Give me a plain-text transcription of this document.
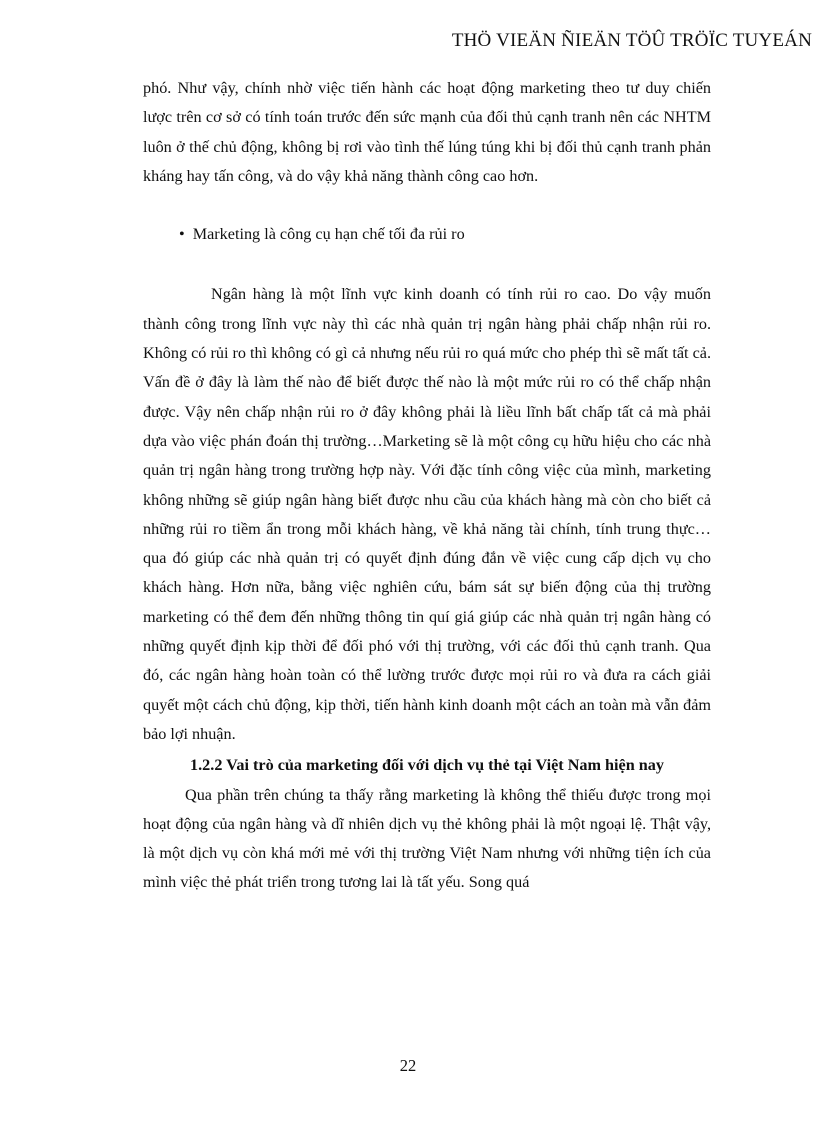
THÖ VIEÄN ÑIEÄN TÖÛ TRÖÏC TUYEÁN

phó. Như vậy, chính nhờ việc tiến hành các hoạt động marketing theo tư duy chiến lược trên cơ sở có tính toán trước đến sức mạnh của đối thủ cạnh tranh nên các NHTM luôn ở thế chủ động, không bị rơi vào tình thế lúng túng khi bị đối thủ cạnh tranh phản kháng hay tấn công, và do vậy khả năng thành công cao hơn.

• Marketing là công cụ hạn chế tối đa rủi ro

Ngân hàng là một lĩnh vực kinh doanh có tính rủi ro cao. Do vậy muốn thành công trong lĩnh vực này thì các nhà quản trị ngân hàng phải chấp nhận rủi ro. Không có rủi ro thì không có gì cả nhưng nếu rủi ro quá mức cho phép thì sẽ mất tất cả. Vấn đề ở đây là làm thế nào để biết được thế nào là một mức rủi ro có thể chấp nhận được. Vậy nên chấp nhận rủi ro ở đây không phải là liều lĩnh bất chấp tất cả mà phải dựa vào việc phán đoán thị trường…Marketing sẽ là một công cụ hữu hiệu cho các nhà quản trị ngân hàng trong trường hợp này. Với đặc tính công việc của mình, marketing không những sẽ giúp ngân hàng biết được nhu cầu của khách hàng mà còn cho biết cả những rủi ro tiềm ẩn trong mỗi khách hàng, về khả năng tài chính, tính trung thực… qua đó giúp các nhà quản trị có quyết định đúng đắn về việc cung cấp dịch vụ cho khách hàng. Hơn nữa, bằng việc nghiên cứu, bám sát sự biến động của thị trường marketing có thể đem đến những thông tin quí giá giúp các nhà quản trị ngân hàng có những quyết định kịp thời để đối phó với thị trường, với các đối thủ cạnh tranh. Qua đó, các ngân hàng hoàn toàn có thể lường trước được mọi rủi ro và đưa ra cách giải quyết một cách chủ động, kịp thời, tiến hành kinh doanh một cách an toàn mà vẫn đảm bảo lợi nhuận.

1.2.2 Vai trò của marketing đối với dịch vụ thẻ tại Việt Nam hiện nay

Qua phần trên chúng ta thấy rằng marketing là không thể thiếu được trong mọi hoạt động của ngân hàng và dĩ nhiên dịch vụ thẻ không phải là một ngoại lệ. Thật vậy, là một dịch vụ còn khá mới mẻ với thị trường Việt Nam nhưng với những tiện ích của mình việc thẻ phát triển trong tương lai là tất yếu. Song quá

22
